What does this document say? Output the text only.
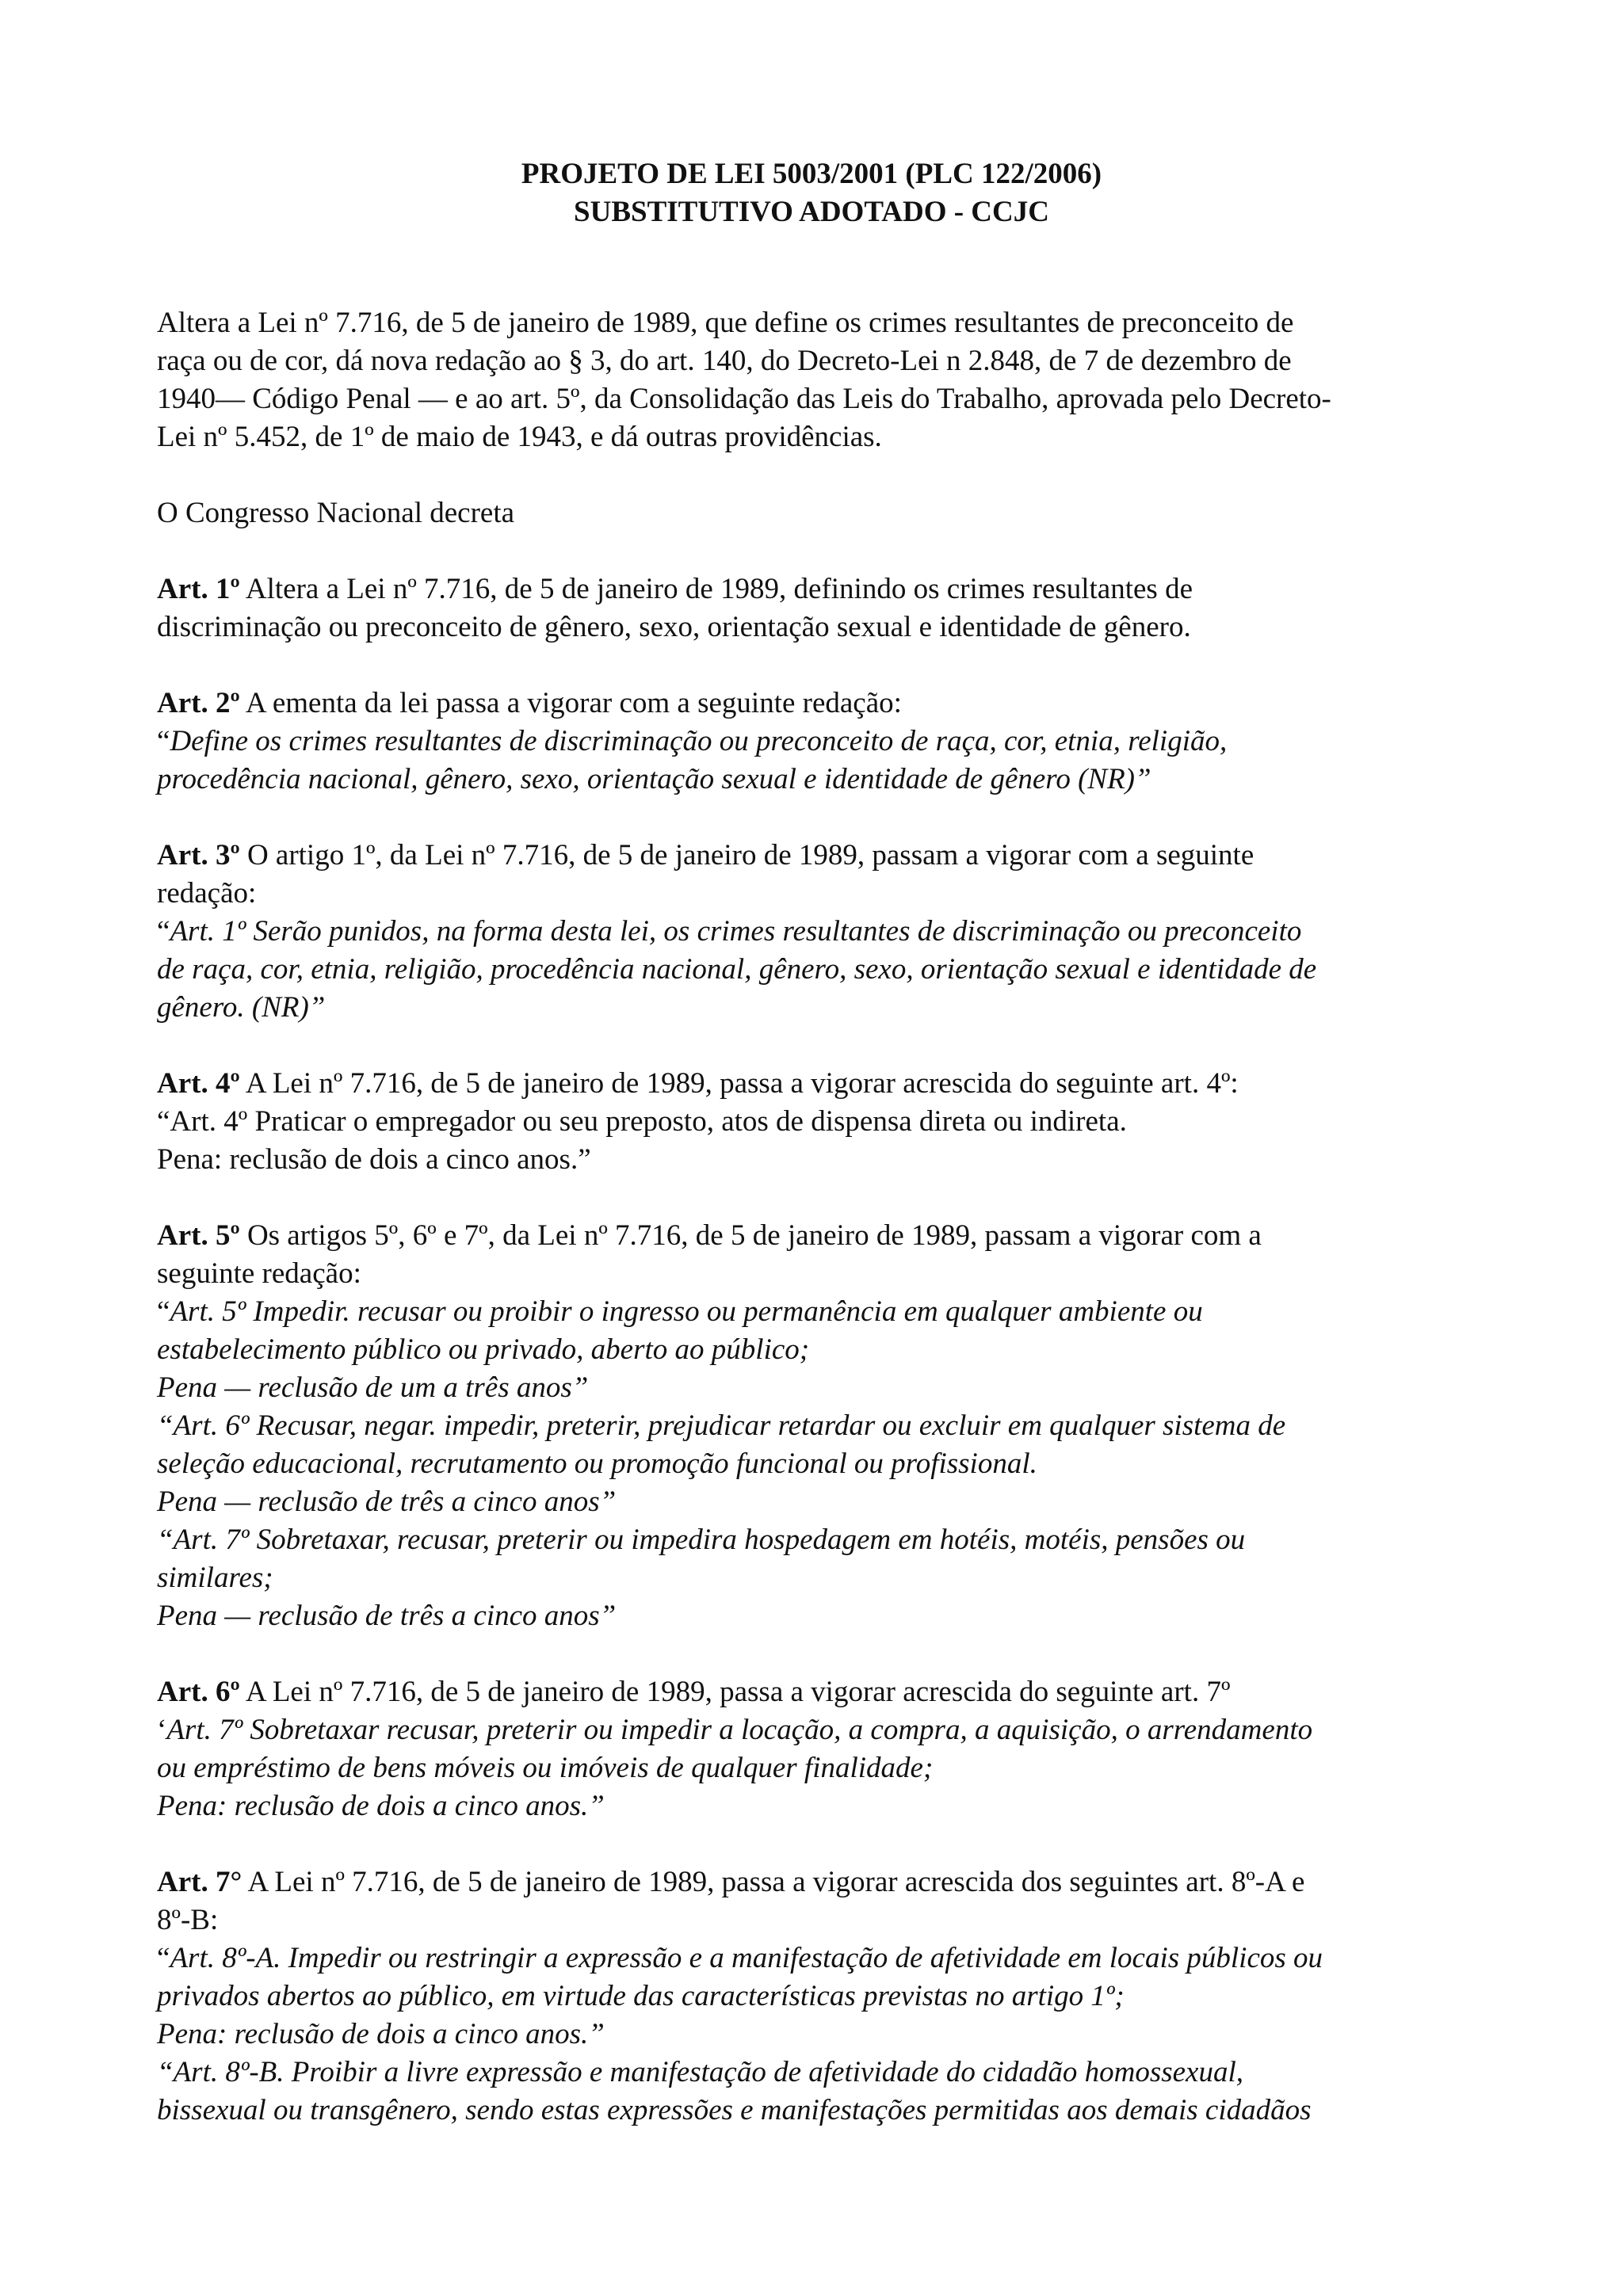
PROJETO DE LEI 5003/2001 (PLC 122/2006)
SUBSTITUTIVO ADOTADO - CCJC

Altera a Lei nº 7.716, de 5 de janeiro de 1989, que define os crimes resultantes de preconceito de
raça ou de cor, dá nova redação ao § 3, do art. 140, do Decreto-Lei n 2.848, de 7 de dezembro de
1940— Código Penal — e ao art. 5º, da Consolidação das Leis do Trabalho, aprovada pelo Decreto-
Lei nº 5.452, de 1º de maio de 1943, e dá outras providências.

O Congresso Nacional decreta

Art. 1º Altera a Lei nº 7.716, de 5 de janeiro de 1989, definindo os crimes resultantes de
discriminação ou preconceito de gênero, sexo, orientação sexual e identidade de gênero.

Art. 2º A ementa da lei passa a vigorar com a seguinte redação:
“Define os crimes resultantes de discriminação ou preconceito de raça, cor, etnia, religião,
procedência nacional, gênero, sexo, orientação sexual e identidade de gênero (NR)”

Art. 3º O artigo 1º, da Lei nº 7.716, de 5 de janeiro de 1989, passam a vigorar com a seguinte
redação:
“Art. 1º Serão punidos, na forma desta lei, os crimes resultantes de discriminação ou preconceito
de raça, cor, etnia, religião, procedência nacional, gênero, sexo, orientação sexual e identidade de
gênero. (NR)”

Art. 4º A Lei nº 7.716, de 5 de janeiro de 1989, passa a vigorar acrescida do seguinte art. 4º:
“Art. 4º Praticar o empregador ou seu preposto, atos de dispensa direta ou indireta.
Pena: reclusão de dois a cinco anos.”

Art. 5º Os artigos 5º, 6º e 7º, da Lei nº 7.716, de 5 de janeiro de 1989, passam a vigorar com a
seguinte redação:
“Art. 5º Impedir. recusar ou proibir o ingresso ou permanência em qualquer ambiente ou
estabelecimento público ou privado, aberto ao público;
Pena — reclusão de um a três anos”
“Art. 6º Recusar, negar. impedir, preterir, prejudicar retardar ou excluir em qualquer sistema de
seleção educacional, recrutamento ou promoção funcional ou profissional.
Pena — reclusão de três a cinco anos”
“Art. 7º Sobretaxar, recusar, preterir ou impedira hospedagem em hotéis, motéis, pensões ou
similares;
Pena — reclusão de três a cinco anos”

Art. 6º A Lei nº 7.716, de 5 de janeiro de 1989, passa a vigorar acrescida do seguinte art. 7º
‘Art. 7º Sobretaxar recusar, preterir ou impedir a locação, a compra, a aquisição, o arrendamento
ou empréstimo de bens móveis ou imóveis de qualquer finalidade;
Pena: reclusão de dois a cinco anos.”

Art. 7° A Lei nº 7.716, de 5 de janeiro de 1989, passa a vigorar acrescida dos seguintes art. 8º-A e
8º-B:
“Art. 8º-A. Impedir ou restringir a expressão e a manifestação de afetividade em locais públicos ou
privados abertos ao público, em virtude das características previstas no artigo 1º;
Pena: reclusão de dois a cinco anos.”
“Art. 8º-B. Proibir a livre expressão e manifestação de afetividade do cidadão homossexual,
bissexual ou transgênero, sendo estas expressões e manifestações permitidas aos demais cidadãos
